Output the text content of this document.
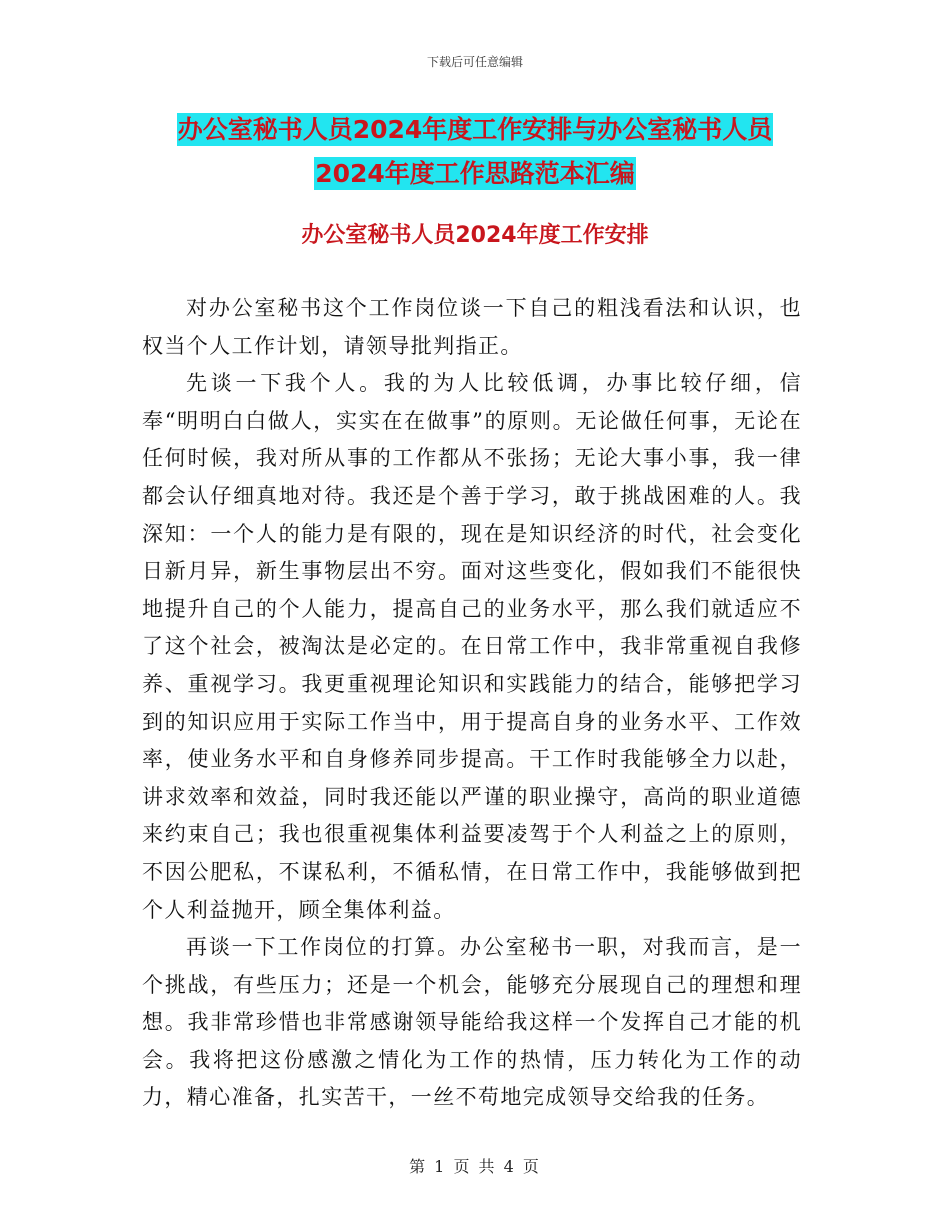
下载后可任意编辑
办公室秘书人员2024年度工作安排与办公室秘书人员
2024年度工作思路范本汇编
办公室秘书人员2024年度工作安排

对办公室秘书这个工作岗位谈一下自己的粗浅看法和认识，也权当个人工作计划，请领导批判指正。

先谈一下我个人。我的为人比较低调，办事比较仔细，信奉“明明白白做人，实实在在做事”的原则。无论做任何事，无论在任何时候，我对所从事的工作都从不张扬；无论大事小事，我一律都会认仔细真地对待。我还是个善于学习，敢于挑战困难的人。我深知：一个人的能力是有限的，现在是知识经济的时代，社会变化日新月异，新生事物层出不穷。面对这些变化，假如我们不能很快地提升自己的个人能力，提高自己的业务水平，那么我们就适应不了这个社会，被淘汰是必定的。在日常工作中，我非常重视自我修养、重视学习。我更重视理论知识和实践能力的结合，能够把学习到的知识应用于实际工作当中，用于提高自身的业务水平、工作效率，使业务水平和自身修养同步提高。干工作时我能够全力以赴，讲求效率和效益，同时我还能以严谨的职业操守，高尚的职业道德来约束自己；我也很重视集体利益要凌驾于个人利益之上的原则，不因公肥私，不谋私利，不循私情，在日常工作中，我能够做到把个人利益抛开，顾全集体利益。

再谈一下工作岗位的打算。办公室秘书一职，对我而言，是一个挑战，有些压力；还是一个机会，能够充分展现自己的理想和理想。我非常珍惜也非常感谢领导能给我这样一个发挥自己才能的机会。我将把这份感激之情化为工作的热情，压力转化为工作的动力，精心准备，扎实苦干，一丝不苟地完成领导交给我的任务。

第 1 页 共 4 页
